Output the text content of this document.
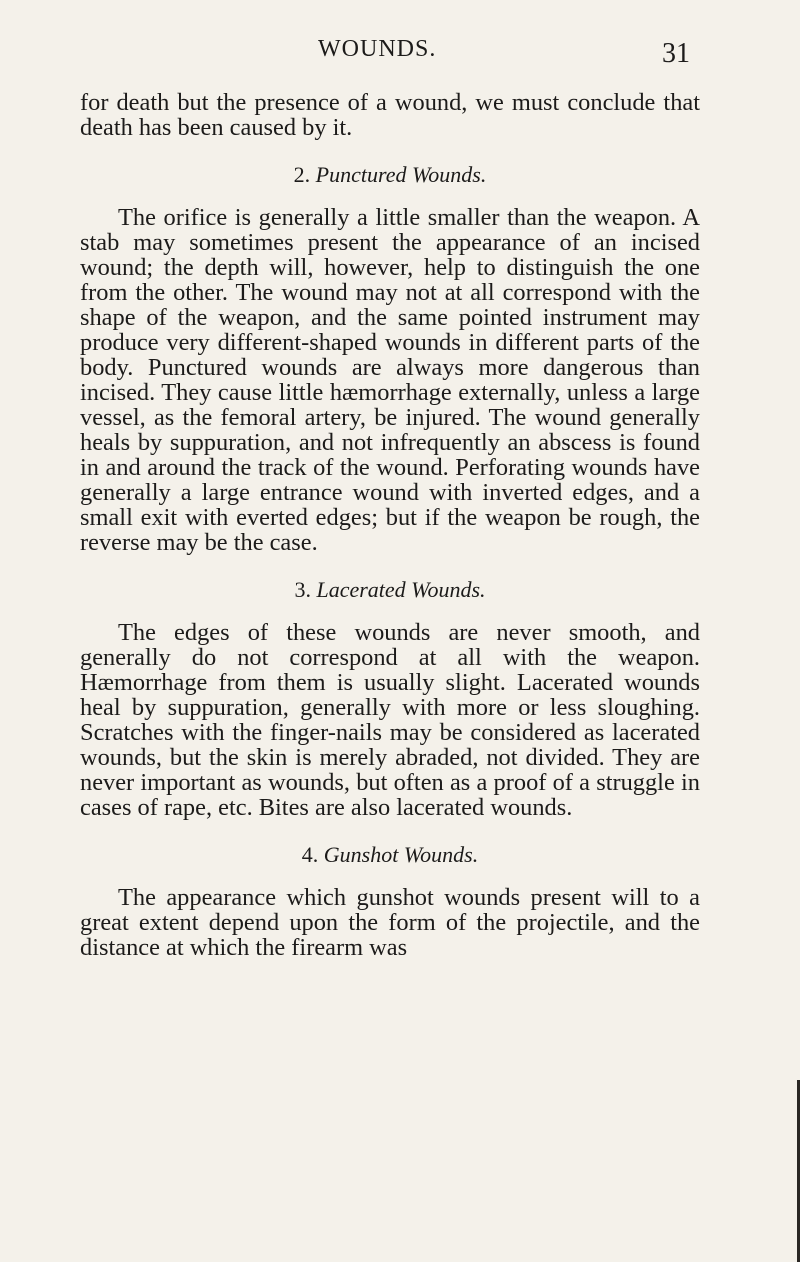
WOUNDS.	31

for death but the presence of a wound, we must conclude that death has been caused by it.

2. Punctured Wounds.

The orifice is generally a little smaller than the weapon. A stab may sometimes present the appearance of an incised wound; the depth will, however, help to distinguish the one from the other. The wound may not at all correspond with the shape of the weapon, and the same pointed instrument may produce very different-shaped wounds in different parts of the body. Punctured wounds are always more dangerous than incised. They cause little hæmorrhage externally, unless a large vessel, as the femoral artery, be injured. The wound generally heals by suppuration, and not infrequently an abscess is found in and around the track of the wound. Perforating wounds have generally a large entrance wound with inverted edges, and a small exit with everted edges; but if the weapon be rough, the reverse may be the case.

3. Lacerated Wounds.

The edges of these wounds are never smooth, and generally do not correspond at all with the weapon. Hæmorrhage from them is usually slight. Lacerated wounds heal by suppuration, generally with more or less sloughing. Scratches with the finger-nails may be considered as lacerated wounds, but the skin is merely abraded, not divided. They are never important as wounds, but often as a proof of a struggle in cases of rape, etc. Bites are also lacerated wounds.

4. Gunshot Wounds.

The appearance which gunshot wounds present will to a great extent depend upon the form of the projectile, and the distance at which the firearm was
